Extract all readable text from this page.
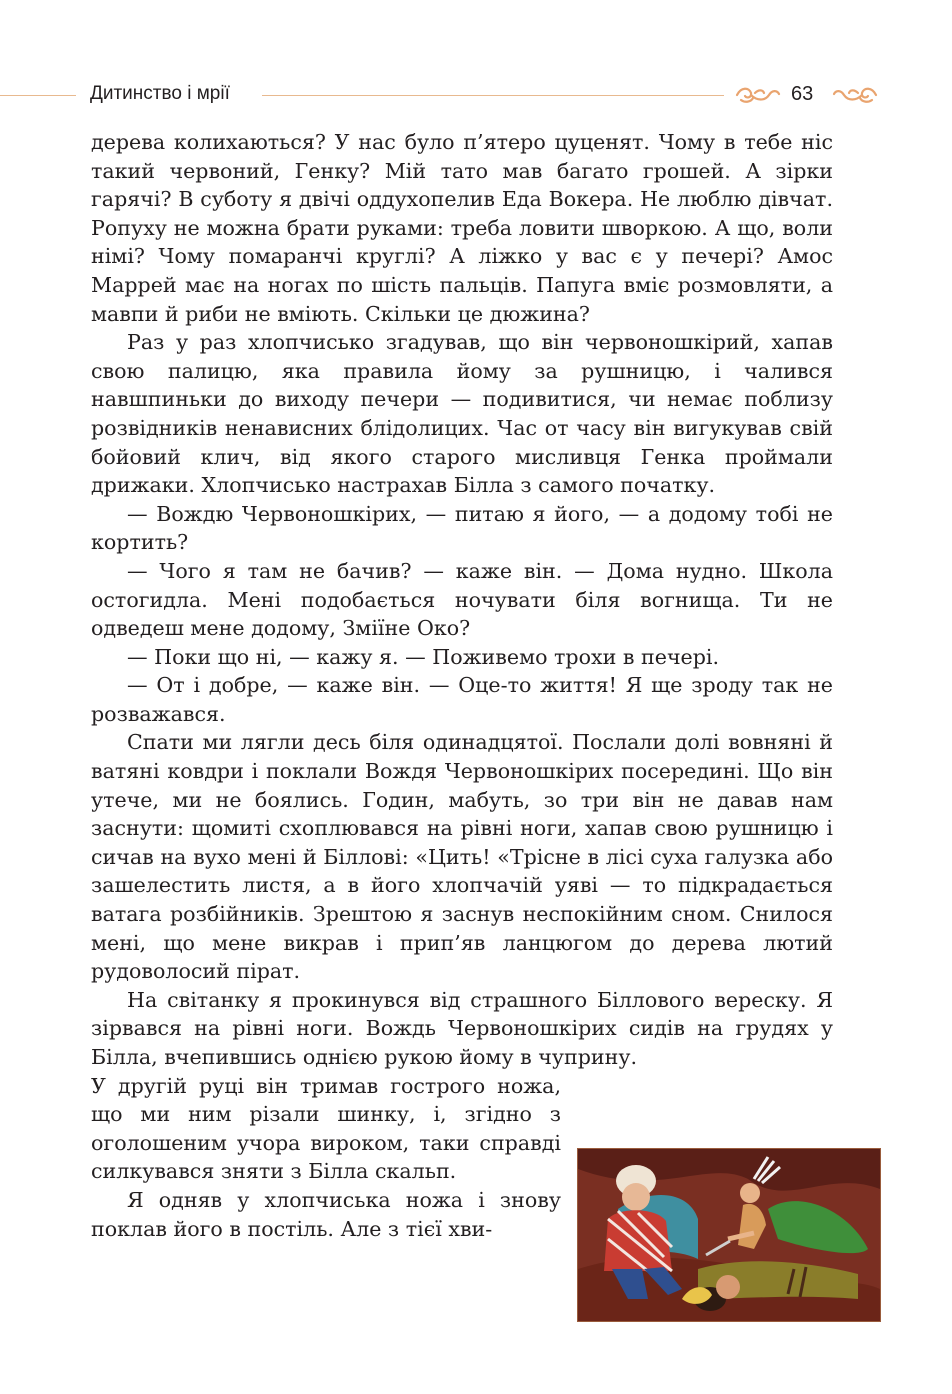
Дитинство і мрії	63

дерева колихаються? У нас було п’ятеро цуценят. Чому в тебе ніс такий червоний, Генку? Мій тато мав багато грошей. А зірки гарячі? В суботу я двічі оддухопелив Еда Вокера. Не люблю дівчат. Ропуху не можна брати руками: треба ловити шворкою. А що, воли німі? Чому помаранчі круглі? А ліжко у вас є у печері? Амос Маррей має на ногах по шість пальців. Папуга вміє розмовляти, а мавпи й риби не вміють. Скільки це дюжина?

Раз у раз хлопчисько згадував, що він червоношкірий, хапав свою палицю, яка правила йому за рушницю, і чалився навшпиньки до виходу печери — подивитися, чи немає поблизу розвідників ненависних блідолицих. Час от часу він вигукував свій бойовий клич, від якого старого мисливця Генка проймали дрижаки. Хлопчисько настрахав Білла з самого початку.

— Вождю Червоношкірих, — питаю я його, — а додому тобі не кортить?

— Чого я там не бачив? — каже він. — Дома нудно. Школа остогидла. Мені подобається ночувати біля вогнища. Ти не одведеш мене додому, Зміїне Око?

— Поки що ні, — кажу я. — Поживемо трохи в печері.

— От і добре, — каже він. — Оце-то життя! Я ще зроду так не розважався.

Спати ми лягли десь біля одинадцятої. Послали долі вовняні й ватяні ковдри і поклали Вождя Червоношкірих посередині. Що він утече, ми не боялись. Годин, мабуть, зо три він не давав нам заснути: щомиті схоплювався на рівні ноги, хапав свою рушницю і сичав на вухо мені й Біллові: «Цить! «Трісне в лісі суха галузка або зашелестить листя, а в його хлопчачій уяві — то підкрадається ватага розбійників. Зрештою я заснув неспокійним сном. Снилося мені, що мене викрав і прип’яв ланцюгом до дерева лютий рудоволосий пірат.

На світанку я прокинувся від страшного Біллового вереску. Я зірвався на рівні ноги. Вождь Червоношкірих сидів на грудях у Білла, вчепившись однією рукою йому в чуприну.

У другій руці він тримав гострого ножа, що ми ним різали шинку, і, згідно з оголошеним учора вироком, таки справді силкувався зняти з Білла скальп.

Я одняв у хлопчиська ножа і знову поклав його в постіль. Але з тієї хви-
